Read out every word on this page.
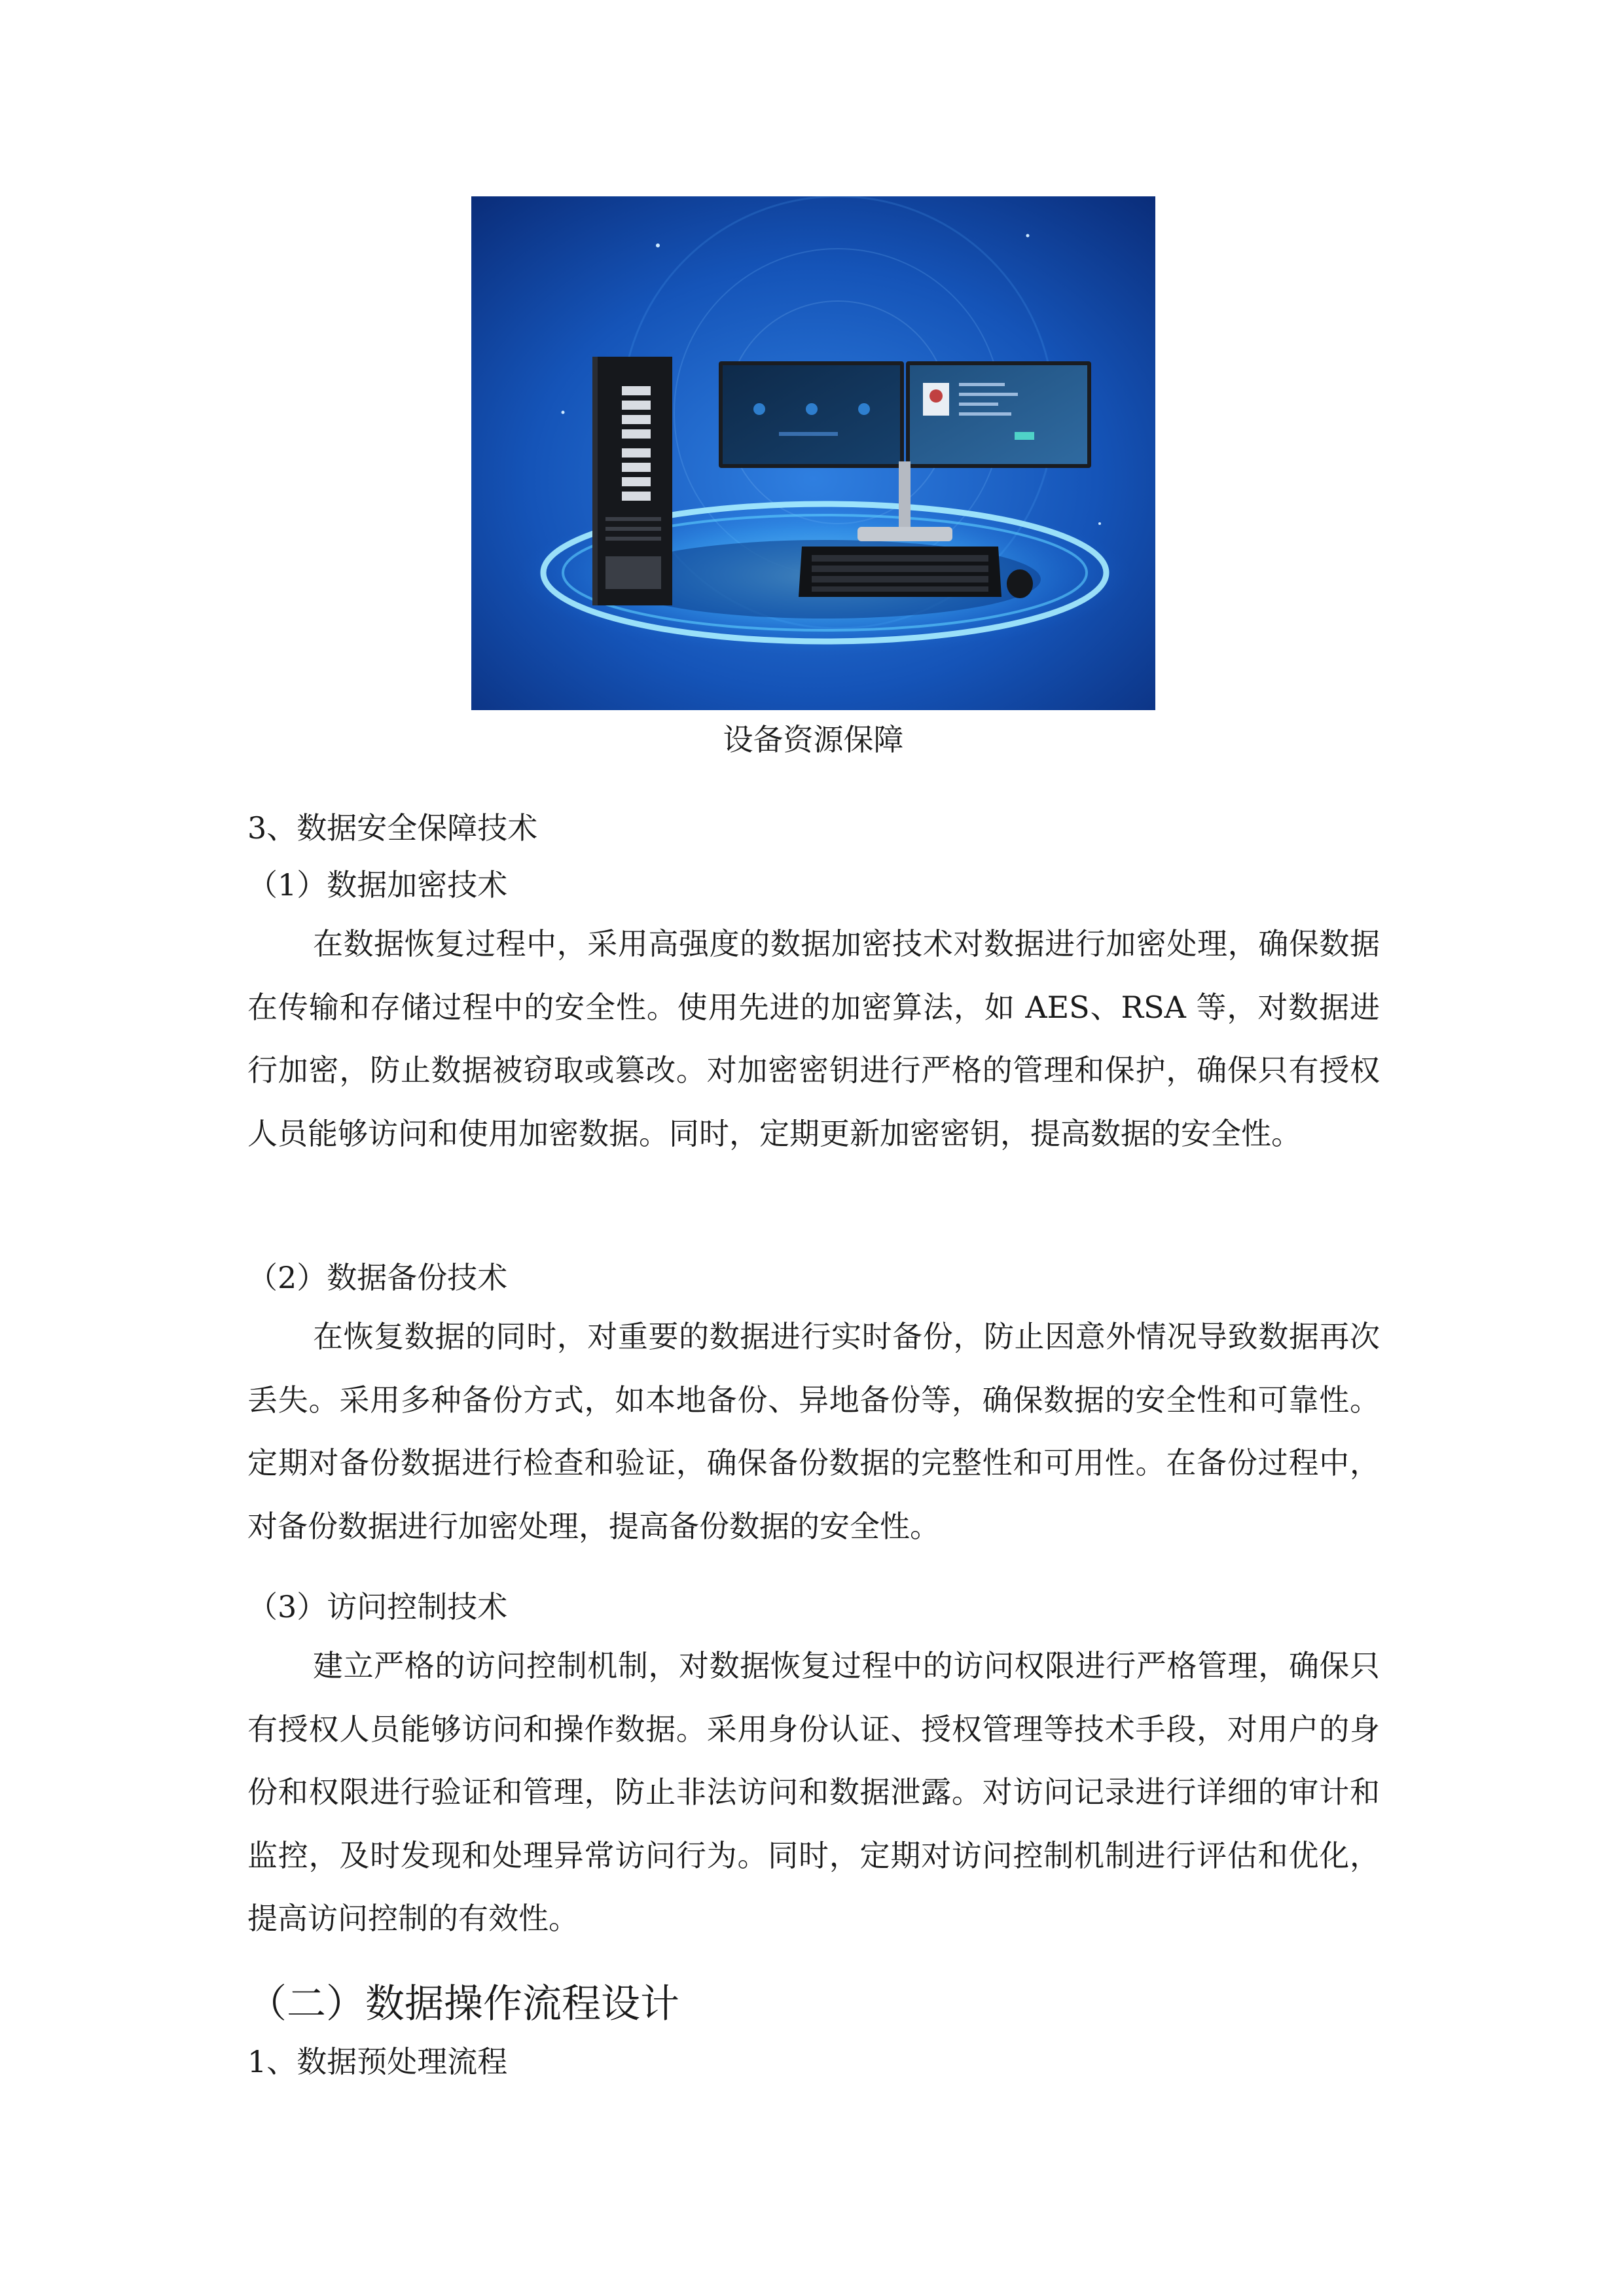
设备资源保障
3、数据安全保障技术
（1）数据加密技术

在数据恢复过程中，采用高强度的数据加密技术对数据进行加密处理，确保数据在传输和存储过程中的安全性。使用先进的加密算法，如 AES、RSA 等，对数据进行加密，防止数据被窃取或篡改。对加密密钥进行严格的管理和保护，确保只有授权人员能够访问和使用加密数据。同时，定期更新加密密钥，提高数据的安全性。

（2）数据备份技术

在恢复数据的同时，对重要的数据进行实时备份，防止因意外情况导致数据再次丢失。采用多种备份方式，如本地备份、异地备份等，确保数据的安全性和可靠性。定期对备份数据进行检查和验证，确保备份数据的完整性和可用性。在备份过程中，对备份数据进行加密处理，提高备份数据的安全性。

（3）访问控制技术

建立严格的访问控制机制，对数据恢复过程中的访问权限进行严格管理，确保只有授权人员能够访问和操作数据。采用身份认证、授权管理等技术手段，对用户的身份和权限进行验证和管理，防止非法访问和数据泄露。对访问记录进行详细的审计和监控，及时发现和处理异常访问行为。同时，定期对访问控制机制进行评估和优化，提高访问控制的有效性。

（二）数据操作流程设计
1、数据预处理流程
